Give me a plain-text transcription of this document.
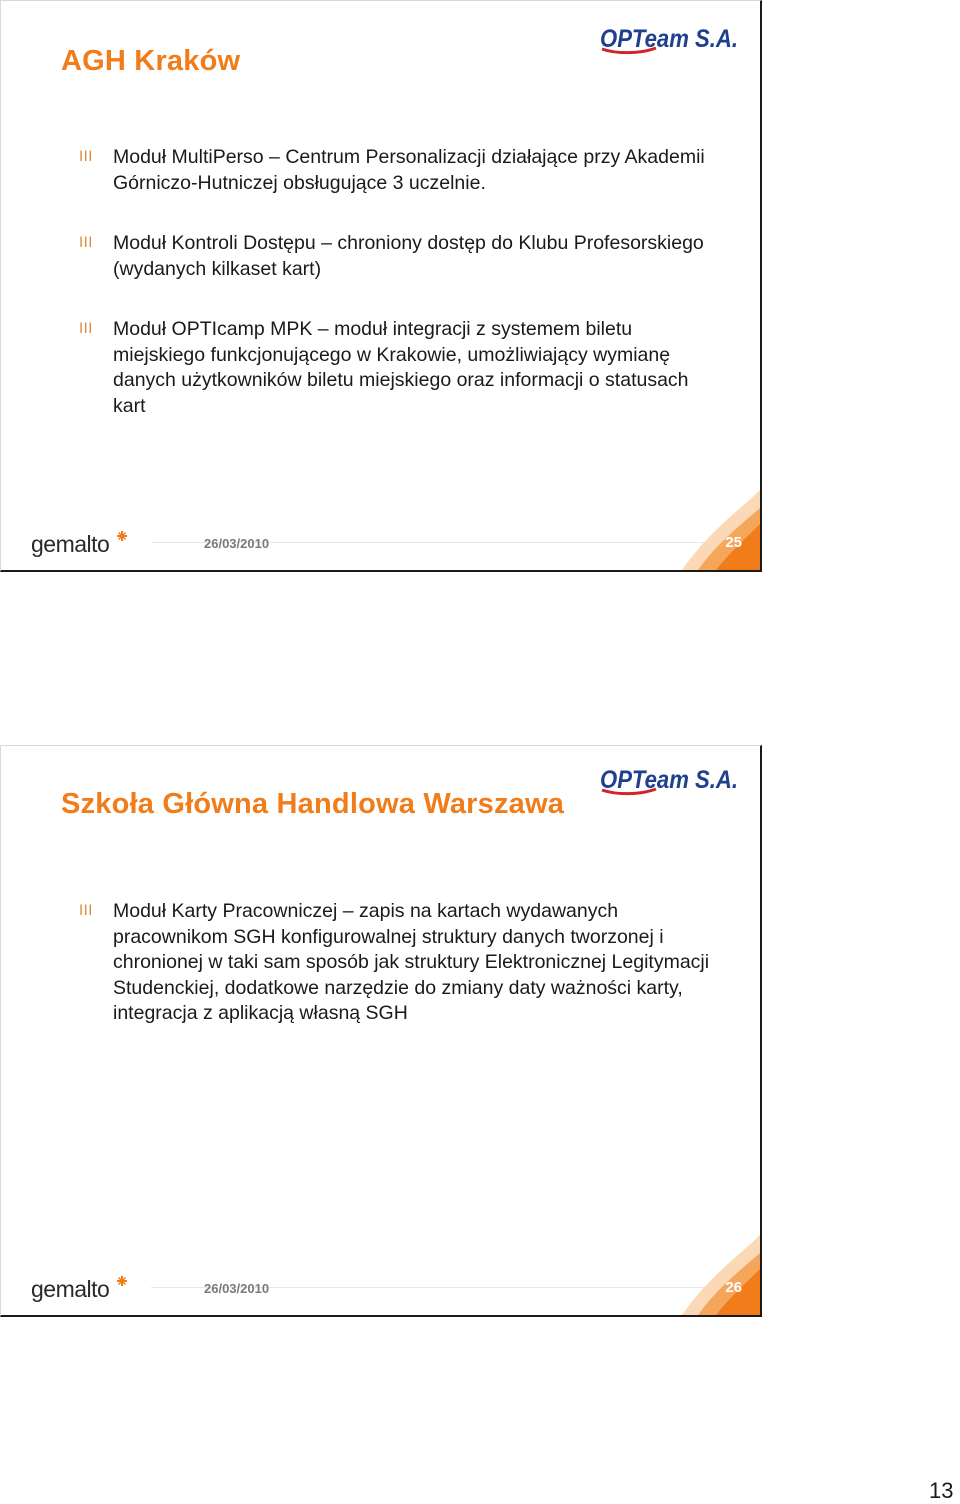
AGH Kraków
OPTeam S.A.
III Moduł MultiPerso – Centrum Personalizacji działające przy Akademii Górniczo-Hutniczej obsługujące 3 uczelnie.
III Moduł Kontroli Dostępu – chroniony dostęp do Klubu Profesorskiego (wydanych kilkaset kart)
III Moduł OPTIcamp MPK – moduł integracji z systemem biletu miejskiego funkcjonującego w Krakowie, umożliwiający wymianę danych użytkowników biletu miejskiego oraz informacji o statusach kart
gemalto	26/03/2010	25
Szkoła Główna Handlowa Warszawa
OPTeam S.A.
III Moduł Karty Pracowniczej – zapis na kartach wydawanych pracownikom SGH konfigurowalnej struktury danych tworzonej i chronionej w taki sam sposób jak struktury Elektronicznej Legitymacji Studenckiej, dodatkowe narzędzie do zmiany daty ważności karty, integracja z aplikacją własną SGH
gemalto	26/03/2010	26
13
